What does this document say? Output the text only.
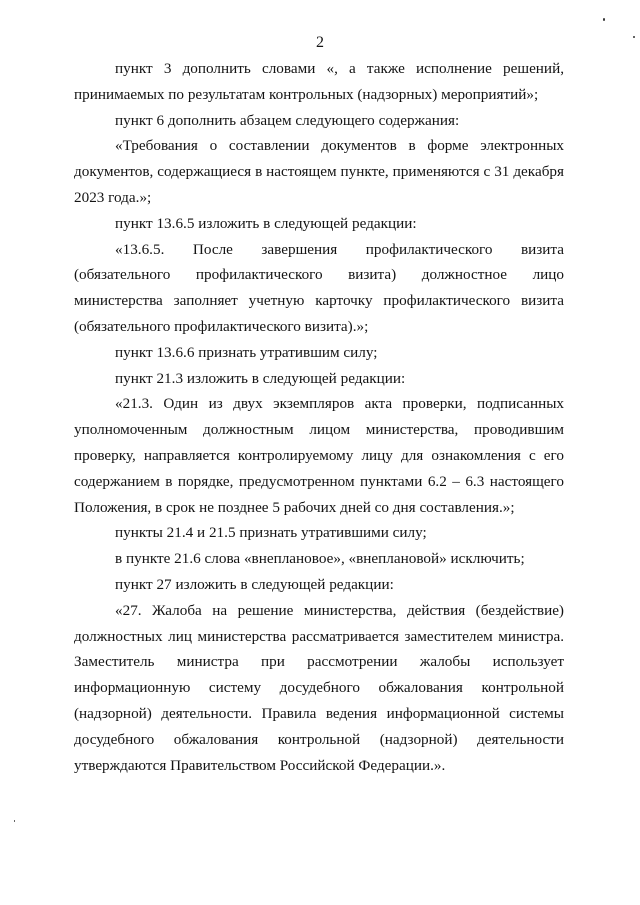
2

пункт 3 дополнить словами «, а также исполнение решений, принимаемых по результатам контрольных (надзорных) мероприятий»;

пункт 6 дополнить абзацем следующего содержания:

«Требования о составлении документов в форме электронных документов, содержащиеся в настоящем пункте, применяются с 31 декабря 2023 года.»;

пункт 13.6.5 изложить в следующей редакции:

«13.6.5. После завершения профилактического визита (обязательного профилактического визита) должностное лицо министерства заполняет учетную карточку профилактического визита (обязательного профилактического визита).»;

пункт 13.6.6 признать утратившим силу;

пункт 21.3 изложить в следующей редакции:

«21.3. Один из двух экземпляров акта проверки, подписанных уполномоченным должностным лицом министерства, проводившим проверку, направляется контролируемому лицу для ознакомления с его содержанием в порядке, предусмотренном пунктами 6.2 – 6.3 настоящего Положения, в срок не позднее 5 рабочих дней со дня составления.»;

пункты 21.4 и 21.5 признать утратившими силу;

в пункте 21.6 слова «внеплановое», «внеплановой» исключить;

пункт 27 изложить в следующей редакции:

«27. Жалоба на решение министерства, действия (бездействие) должностных лиц министерства рассматривается заместителем министра. Заместитель министра при рассмотрении жалобы использует информационную систему досудебного обжалования контрольной (надзорной) деятельности. Правила ведения информационной системы досудебного обжалования контрольной (надзорной) деятельности утверждаются Правительством Российской Федерации.».
